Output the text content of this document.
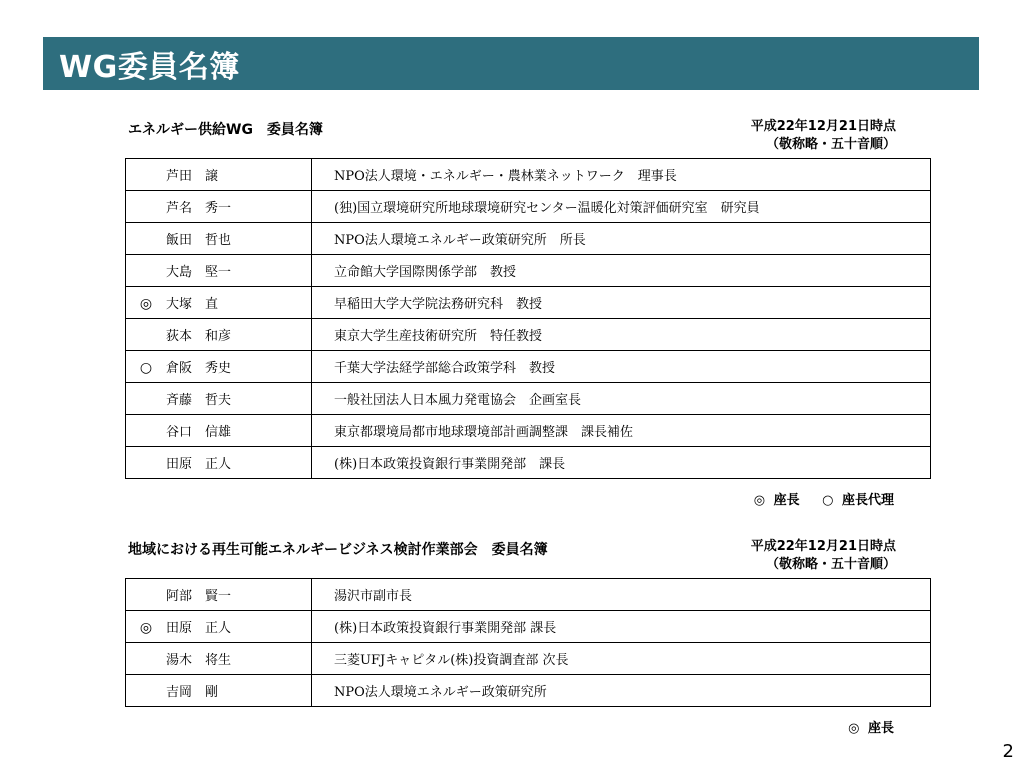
WG委員名簿
エネルギー供給WG　委員名簿	平成22年12月21日時点
（敬称略・五十音順）
芦田　譲	NPO法人環境・エネルギー・農林業ネットワーク　理事長
芦名　秀一	(独)国立環境研究所地球環境研究センター温暖化対策評価研究室　研究員
飯田　哲也	NPO法人環境エネルギー政策研究所　所長
大島　堅一	立命館大学国際関係学部　教授
◎ 大塚　直	早稲田大学大学院法務研究科　教授
荻本　和彦	東京大学生産技術研究所　特任教授
○ 倉阪　秀史	千葉大学法経学部総合政策学科　教授
斉藤　哲夫	一般社団法人日本風力発電協会　企画室長
谷口　信雄	東京都環境局都市地球環境部計画調整課　課長補佐
田原　正人	(株)日本政策投資銀行事業開発部　課長
◎ 座長 ○ 座長代理
地域における再生可能エネルギービジネス検討作業部会　委員名簿	平成22年12月21日時点
（敬称略・五十音順）
阿部　賢一	湯沢市副市長
◎ 田原　正人	(株)日本政策投資銀行事業開発部 課長
湯木　将生	三菱UFJキャピタル(株)投資調査部 次長
吉岡　剛	NPO法人環境エネルギー政策研究所
◎ 座長
2
